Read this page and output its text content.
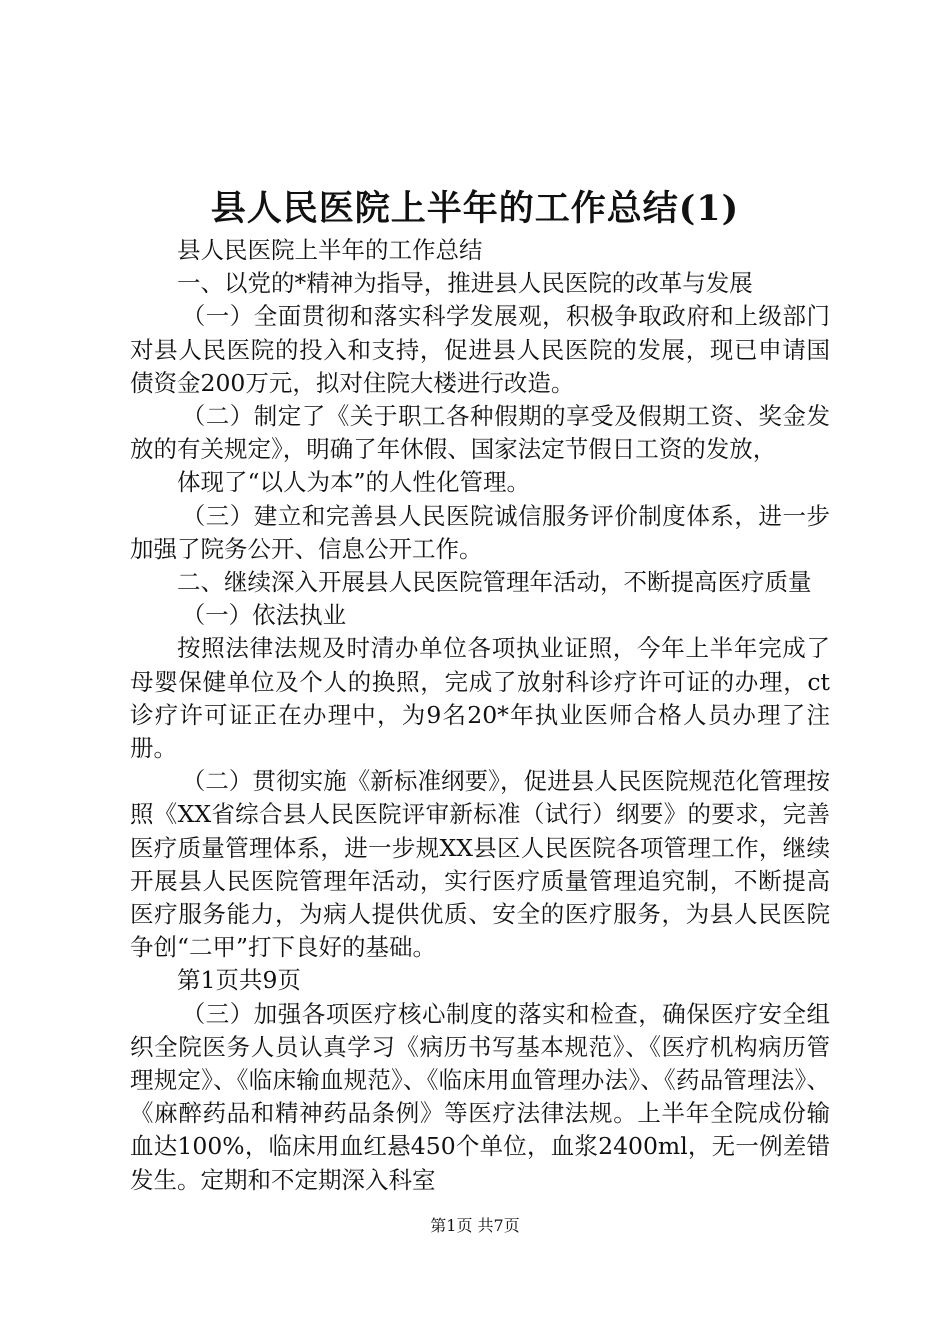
县人民医院上半年的工作总结(1)

县人民医院上半年的工作总结

一、以党的*精神为指导，推进县人民医院的改革与发展

（一）全面贯彻和落实科学发展观，积极争取政府和上级部门对县人民医院的投入和支持，促进县人民医院的发展，现已申请国债资金200万元，拟对住院大楼进行改造。

（二）制定了《关于职工各种假期的享受及假期工资、奖金发放的有关规定》，明确了年休假、国家法定节假日工资的发放，

体现了“以人为本”的人性化管理。

（三）建立和完善县人民医院诚信服务评价制度体系，进一步加强了院务公开、信息公开工作。

二、继续深入开展县人民医院管理年活动，不断提高医疗质量

（一）依法执业

按照法律法规及时清办单位各项执业证照，今年上半年完成了母婴保健单位及个人的换照，完成了放射科诊疗许可证的办理，ct诊疗许可证正在办理中，为9名20*年执业医师合格人员办理了注册。

（二）贯彻实施《新标准纲要》，促进县人民医院规范化管理按照《XX省综合县人民医院评审新标准（试行）纲要》的要求，完善医疗质量管理体系，进一步规XX县区人民医院各项管理工作，继续开展县人民医院管理年活动，实行医疗质量管理追究制，不断提高医疗服务能力，为病人提供优质、安全的医疗服务，为县人民医院争创“二甲”打下良好的基础。

第1页共9页

（三）加强各项医疗核心制度的落实和检查，确保医疗安全组织全院医务人员认真学习《病历书写基本规范》、《医疗机构病历管理规定》、《临床输血规范》、《临床用血管理办法》、《药品管理法》、《麻醉药品和精神药品条例》等医疗法律法规。上半年全院成份输血达100%，临床用血红悬450个单位，血浆2400ml，无一例差错发生。定期和不定期深入科室

第1页 共7页
